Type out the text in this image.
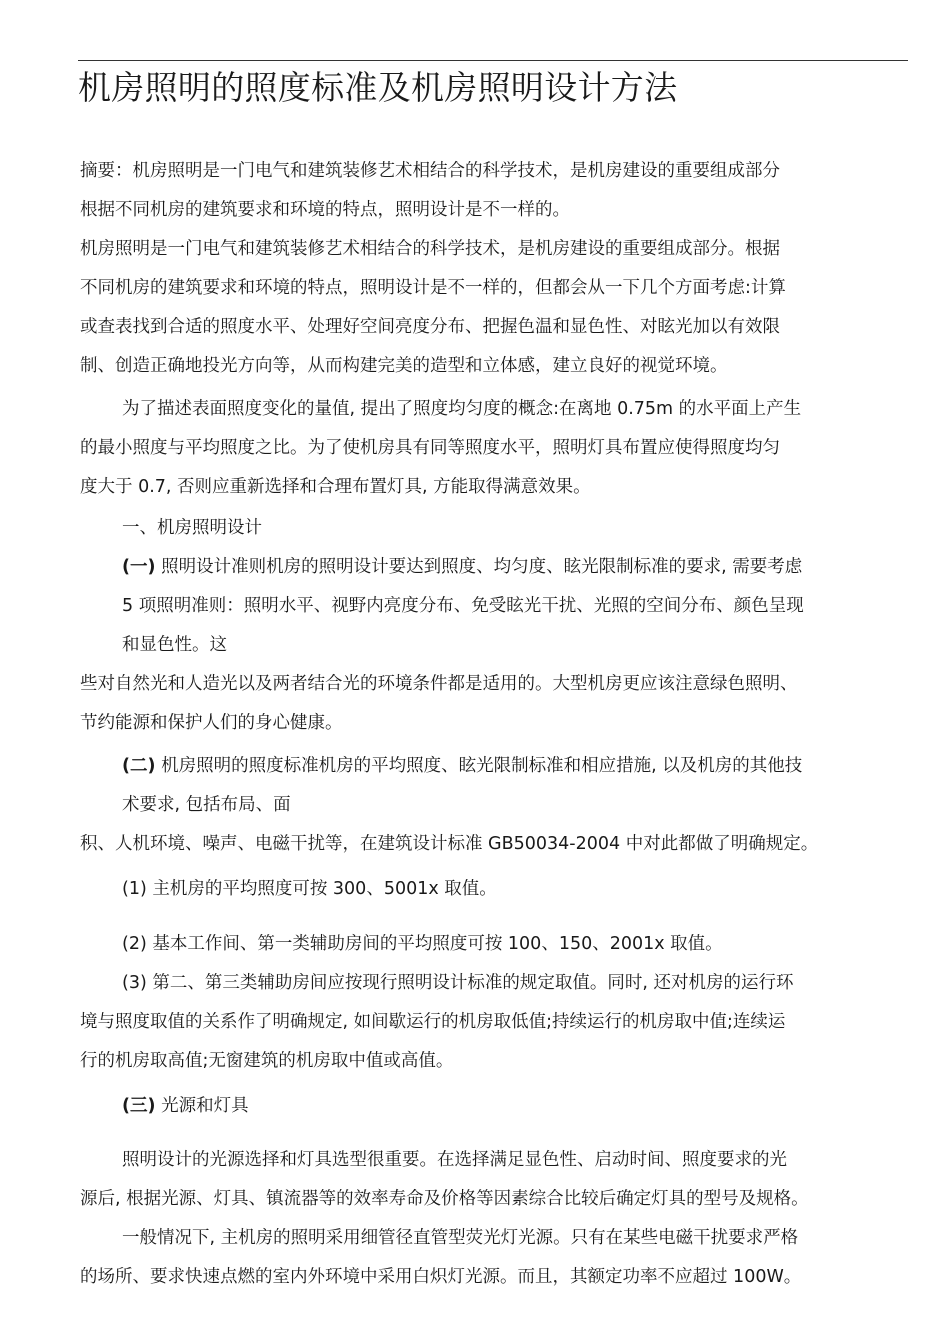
机房照明的照度标准及机房照明设计方法
摘要：机房照明是一门电气和建筑装修艺术相结合的科学技术，是机房建设的重要组成部分
根据不同机房的建筑要求和环境的特点，照明设计是不一样的。
机房照明是一门电气和建筑装修艺术相结合的科学技术，是机房建设的重要组成部分。根据
不同机房的建筑要求和环境的特点，照明设计是不一样的，但都会从一下几个方面考虑:计算
或查表找到合适的照度水平、处理好空间亮度分布、把握色温和显色性、对眩光加以有效限
制、创造正确地投光方向等，从而构建完美的造型和立体感，建立良好的视觉环境。
为了描述表面照度变化的量值, 提出了照度均匀度的概念:在离地 0.75m 的水平面上产生
的最小照度与平均照度之比。为了使机房具有同等照度水平，照明灯具布置应使得照度均匀
度大于 0.7, 否则应重新选择和合理布置灯具, 方能取得满意效果。
一、机房照明设计
(一) 照明设计准则机房的照明设计要达到照度、均匀度、眩光限制标准的要求, 需要考虑
5 项照明准则：照明水平、视野内亮度分布、免受眩光干扰、光照的空间分布、颜色呈现
和显色性。这
些对自然光和人造光以及两者结合光的环境条件都是适用的。大型机房更应该注意绿色照明、
节约能源和保护人们的身心健康。
(二) 机房照明的照度标准机房的平均照度、眩光限制标准和相应措施, 以及机房的其他技
术要求, 包括布局、面
积、人机环境、噪声、电磁干扰等，在建筑设计标准 GB50034-2004 中对此都做了明确规定。
(1) 主机房的平均照度可按 300、5001x 取值。
(2) 基本工作间、第一类辅助房间的平均照度可按 100、150、2001x 取值。
(3) 第二、第三类辅助房间应按现行照明设计标准的规定取值。同时, 还对机房的运行环
境与照度取值的关系作了明确规定, 如间歇运行的机房取低值;持续运行的机房取中值;连续运
行的机房取高值;无窗建筑的机房取中值或高值。
(三) 光源和灯具
照明设计的光源选择和灯具选型很重要。在选择满足显色性、启动时间、照度要求的光
源后, 根据光源、灯具、镇流器等的效率寿命及价格等因素综合比较后确定灯具的型号及规格。
一般情况下, 主机房的照明采用细管径直管型荧光灯光源。只有在某些电磁干扰要求严格
的场所、要求快速点燃的室内外环境中采用白炽灯光源。而且，其额定功率不应超过 100W。
